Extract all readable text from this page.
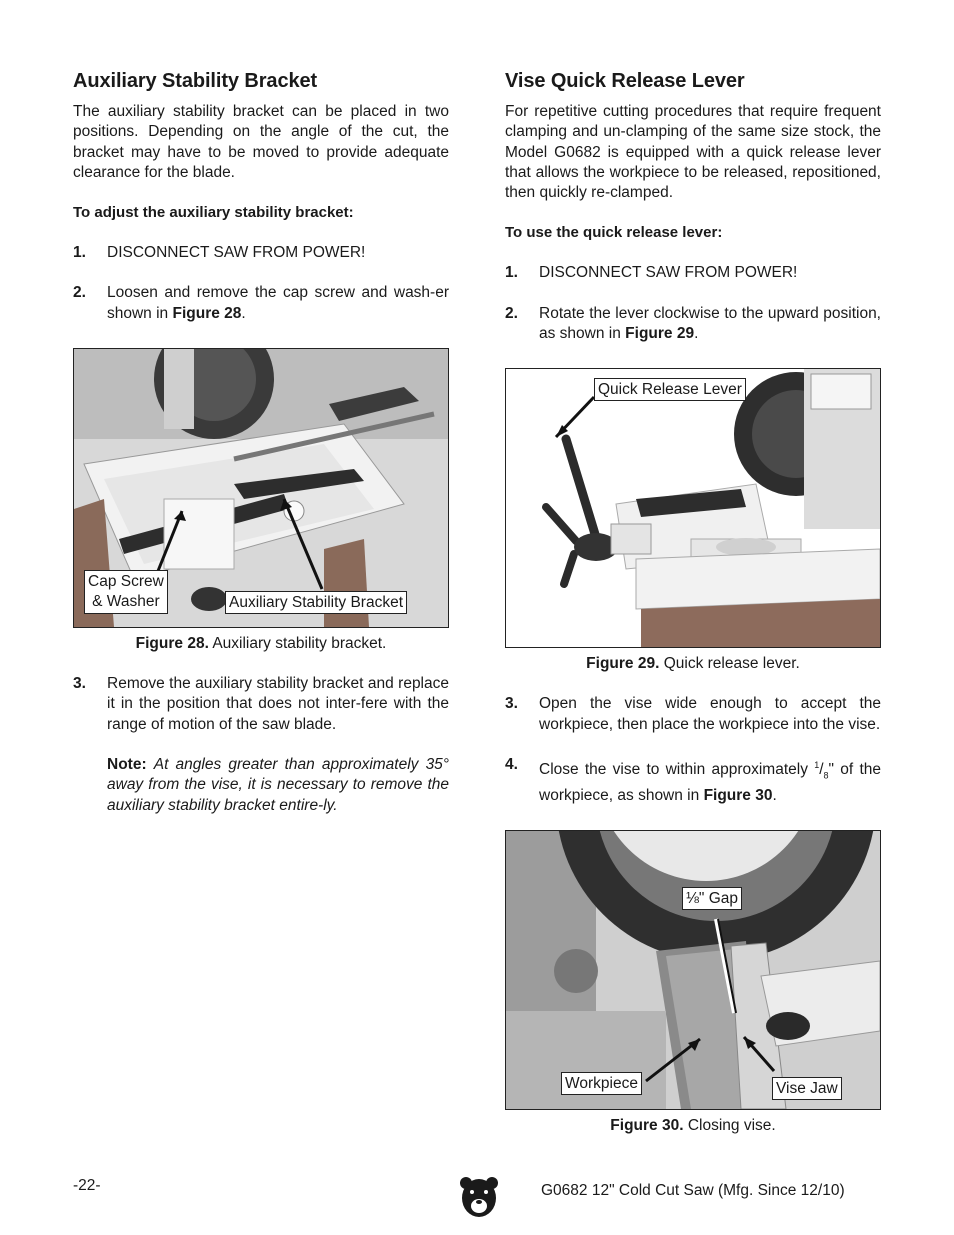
Auxiliary Stability Bracket

The auxiliary stability bracket can be placed in two positions. Depending on the angle of the cut, the bracket may have to be moved to provide adequate clearance for the blade.

To adjust the auxiliary stability bracket:

1.	DISCONNECT SAW FROM POWER!
2.	Loosen and remove the cap screw and wash-er shown in Figure 28.
Cap Screw
& Washer	Auxiliary Stability Bracket
Figure 28. Auxiliary stability bracket.
3.	Remove the auxiliary stability bracket and replace it in the position that does not inter-fere with the range of motion of the saw blade.
Note: At angles greater than approximately 35° away from the vise, it is necessary to remove the auxiliary stability bracket entire-ly.
Vise Quick Release Lever

For repetitive cutting procedures that require frequent clamping and un-clamping of the same size stock, the Model G0682 is equipped with a quick release lever that allows the workpiece to be released, repositioned, then quickly re-clamped.

To use the quick release lever:

1.	DISCONNECT SAW FROM POWER!
2.	Rotate the lever clockwise to the upward position, as shown in Figure 29.
Quick Release Lever
Figure 29. Quick release lever.
3.	Open the vise wide enough to accept the workpiece, then place the workpiece into the vise.
4.	Close the vise to within approximately $^1/_8$" of the workpiece, as shown in Figure 30.
⅛" Gap
Workpiece	Vise Jaw
Figure 30. Closing vise.
-22-	G0682 12" Cold Cut Saw (Mfg. Since 12/10)
